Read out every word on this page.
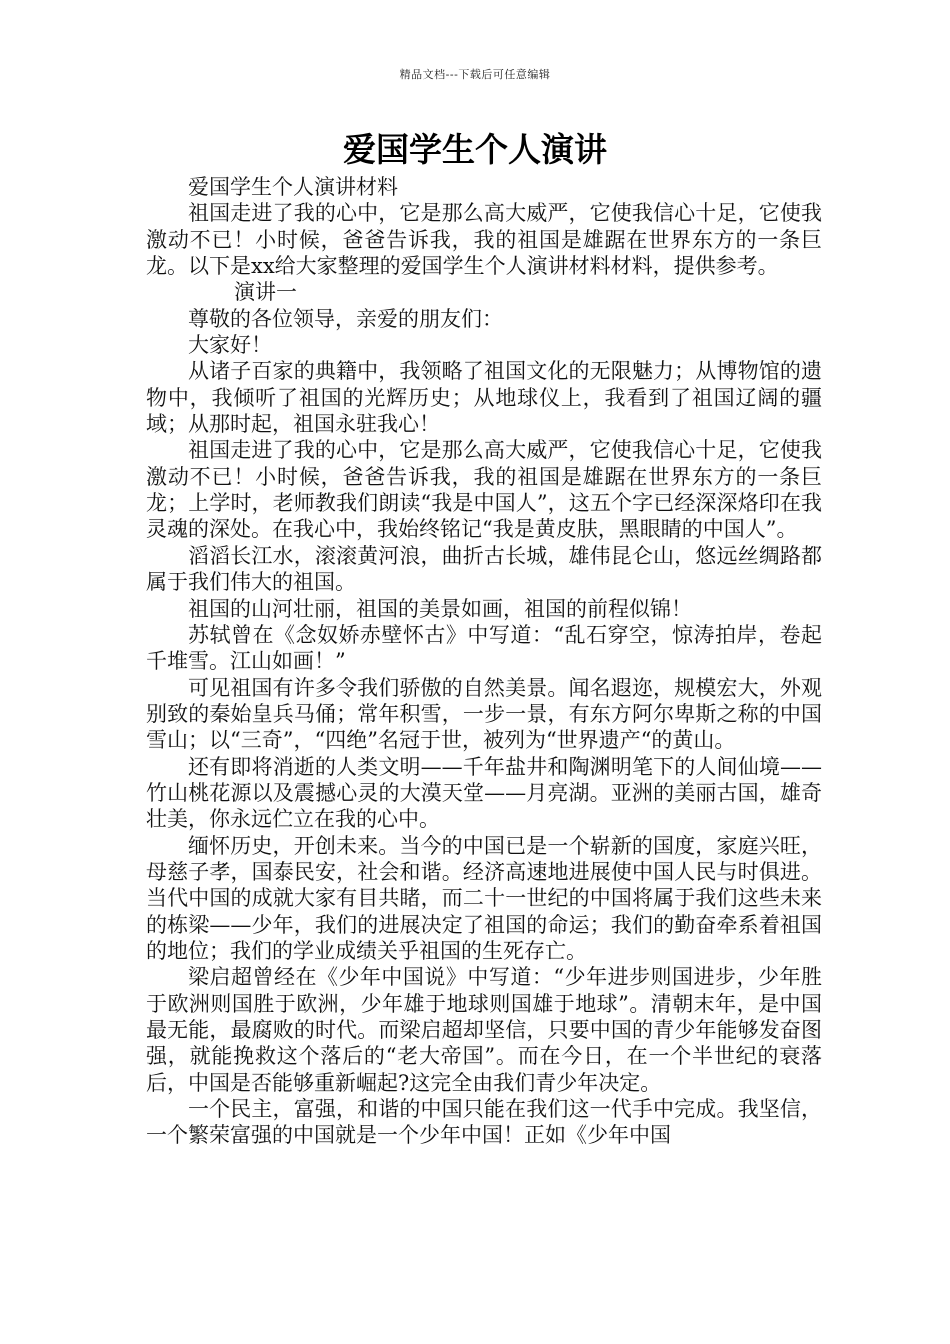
精品文档---下载后可任意编辑
爱国学生个人演讲

爱国学生个人演讲材料

祖国走进了我的心中，它是那么高大威严，它使我信心十足，它使我激动不已！小时候，爸爸告诉我，我的祖国是雄踞在世界东方的一条巨龙。以下是xx给大家整理的爱国学生个人演讲材料材料，提供参考。

演讲一

尊敬的各位领导，亲爱的朋友们：

大家好！

从诸子百家的典籍中，我领略了祖国文化的无限魅力；从博物馆的遗物中，我倾听了祖国的光辉历史；从地球仪上，我看到了祖国辽阔的疆域；从那时起，祖国永驻我心！

祖国走进了我的心中，它是那么高大威严，它使我信心十足，它使我激动不已！小时候，爸爸告诉我，我的祖国是雄踞在世界东方的一条巨龙；上学时，老师教我们朗读“我是中国人”，这五个字已经深深烙印在我灵魂的深处。在我心中，我始终铭记“我是黄皮肤，黑眼睛的中国人”。

滔滔长江水，滚滚黄河浪，曲折古长城，雄伟昆仑山，悠远丝绸路都属于我们伟大的祖国。

祖国的山河壮丽，祖国的美景如画，祖国的前程似锦！

苏轼曾在《念奴娇赤壁怀古》中写道：“乱石穿空，惊涛拍岸，卷起千堆雪。江山如画！”

可见祖国有许多令我们骄傲的自然美景。闻名遐迩，规模宏大，外观别致的秦始皇兵马俑；常年积雪，一步一景，有东方阿尔卑斯之称的中国雪山；以“三奇”，“四绝”名冠于世，被列为“世界遗产“的黄山。

还有即将消逝的人类文明——千年盐井和陶渊明笔下的人间仙境——竹山桃花源以及震撼心灵的大漠天堂——月亮湖。亚洲的美丽古国，雄奇壮美，你永远伫立在我的心中。

缅怀历史，开创未来。当今的中国已是一个崭新的国度，家庭兴旺，母慈子孝，国泰民安，社会和谐。经济高速地进展使中国人民与时俱进。当代中国的成就大家有目共睹，而二十一世纪的中国将属于我们这些未来的栋梁——少年，我们的进展决定了祖国的命运；我们的勤奋牵系着祖国的地位；我们的学业成绩关乎祖国的生死存亡。

梁启超曾经在《少年中国说》中写道：“少年进步则国进步，少年胜于欧洲则国胜于欧洲，少年雄于地球则国雄于地球”。清朝末年，是中国最无能，最腐败的时代。而梁启超却坚信，只要中国的青少年能够发奋图强，就能挽救这个落后的“老大帝国”。而在今日，在一个半世纪的衰落后，中国是否能够重新崛起?这完全由我们青少年决定。

一个民主，富强，和谐的中国只能在我们这一代手中完成。我坚信，一个繁荣富强的中国就是一个少年中国！正如《少年中国
